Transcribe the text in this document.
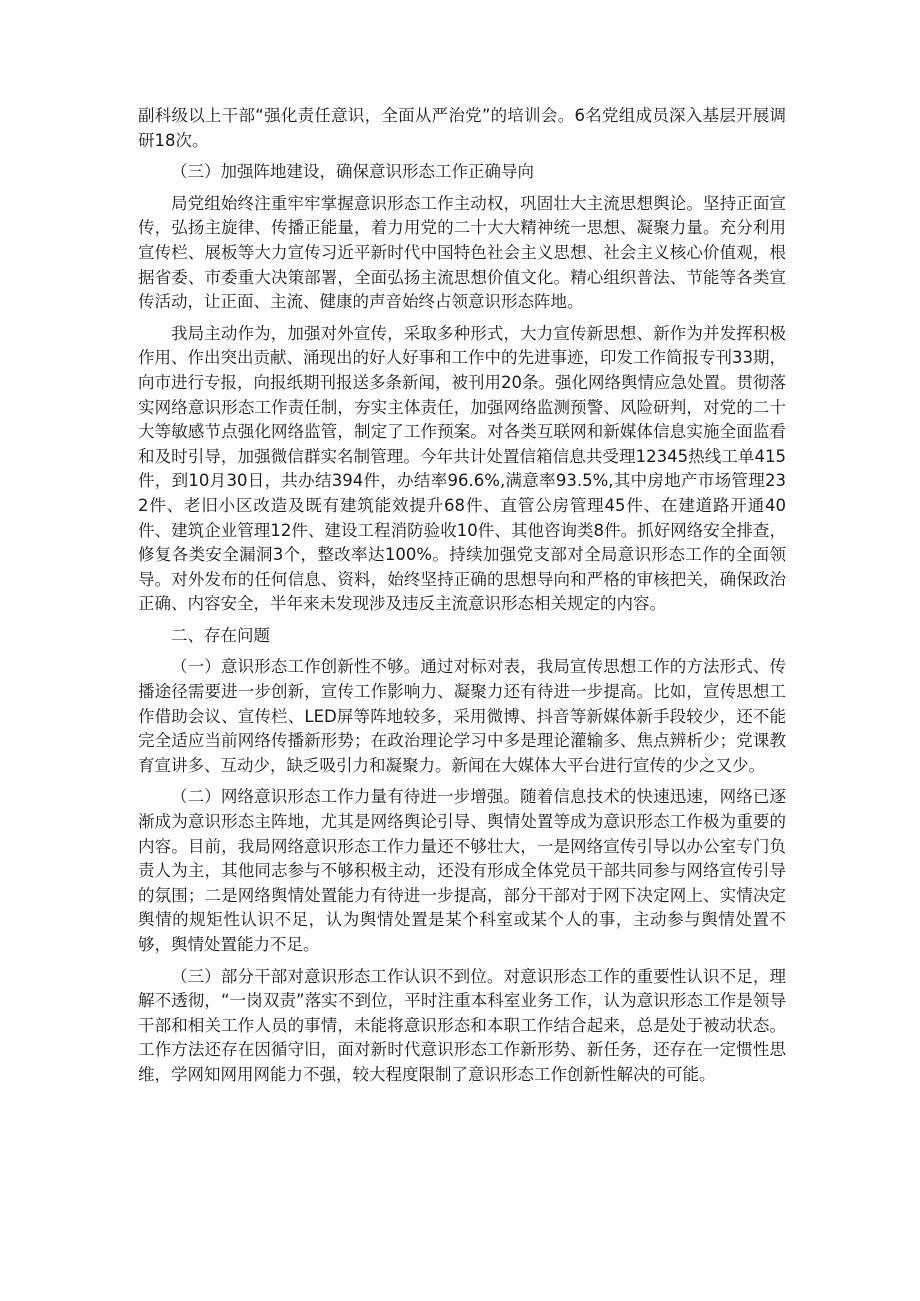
副科级以上干部“强化责任意识，全面从严治党”的培训会。6名党组成员深入基层开展调研18次。

（三）加强阵地建设，确保意识形态工作正确导向

局党组始终注重牢牢掌握意识形态工作主动权，巩固壮大主流思想舆论。坚持正面宣传，弘扬主旋律、传播正能量，着力用党的二十大大精神统一思想、凝聚力量。充分利用宣传栏、展板等大力宣传习近平新时代中国特色社会主义思想、社会主义核心价值观，根据省委、市委重大决策部署，全面弘扬主流思想价值文化。精心组织普法、节能等各类宣传活动，让正面、主流、健康的声音始终占领意识形态阵地。

我局主动作为，加强对外宣传，采取多种形式，大力宣传新思想、新作为并发挥积极作用、作出突出贡献、涌现出的好人好事和工作中的先进事迹，印发工作简报专刊33期，向市进行专报，向报纸期刊报送多条新闻，被刊用20条。强化网络舆情应急处置。贯彻落实网络意识形态工作责任制，夯实主体责任，加强网络监测预警、风险研判，对党的二十大等敏感节点强化网络监管，制定了工作预案。对各类互联网和新媒体信息实施全面监看和及时引导，加强微信群实名制管理。今年共计处置信箱信息共受理12345热线工单415件，到10月30日，共办结394件，办结率96.6%,满意率93.5%,其中房地产市场管理232件、老旧小区改造及既有建筑能效提升68件、直管公房管理45件、在建道路开通40件、建筑企业管理12件、建设工程消防验收10件、其他咨询类8件。抓好网络安全排查，修复各类安全漏洞3个，整改率达100%。持续加强党支部对全局意识形态工作的全面领导。对外发布的任何信息、资料，始终坚持正确的思想导向和严格的审核把关，确保政治正确、内容安全，半年来未发现涉及违反主流意识形态相关规定的内容。

二、存在问题

（一）意识形态工作创新性不够。通过对标对表，我局宣传思想工作的方法形式、传播途径需要进一步创新，宣传工作影响力、凝聚力还有待进一步提高。比如，宣传思想工作借助会议、宣传栏、LED屏等阵地较多，采用微博、抖音等新媒体新手段较少，还不能完全适应当前网络传播新形势；在政治理论学习中多是理论灌输多、焦点辨析少；党课教育宣讲多、互动少，缺乏吸引力和凝聚力。新闻在大媒体大平台进行宣传的少之又少。

（二）网络意识形态工作力量有待进一步增强。随着信息技术的快速迅速，网络已逐渐成为意识形态主阵地，尤其是网络舆论引导、舆情处置等成为意识形态工作极为重要的内容。目前，我局网络意识形态工作力量还不够壮大，一是网络宣传引导以办公室专门负责人为主，其他同志参与不够积极主动，还没有形成全体党员干部共同参与网络宣传引导的氛围；二是网络舆情处置能力有待进一步提高，部分干部对于网下决定网上、实情决定舆情的规矩性认识不足，认为舆情处置是某个科室或某个人的事，主动参与舆情处置不够，舆情处置能力不足。

（三）部分干部对意识形态工作认识不到位。对意识形态工作的重要性认识不足，理解不透彻，“一岗双责”落实不到位，平时注重本科室业务工作，认为意识形态工作是领导干部和相关工作人员的事情，未能将意识形态和本职工作结合起来，总是处于被动状态。工作方法还存在因循守旧，面对新时代意识形态工作新形势、新任务，还存在一定惯性思维，学网知网用网能力不强，较大程度限制了意识形态工作创新性解决的可能。
